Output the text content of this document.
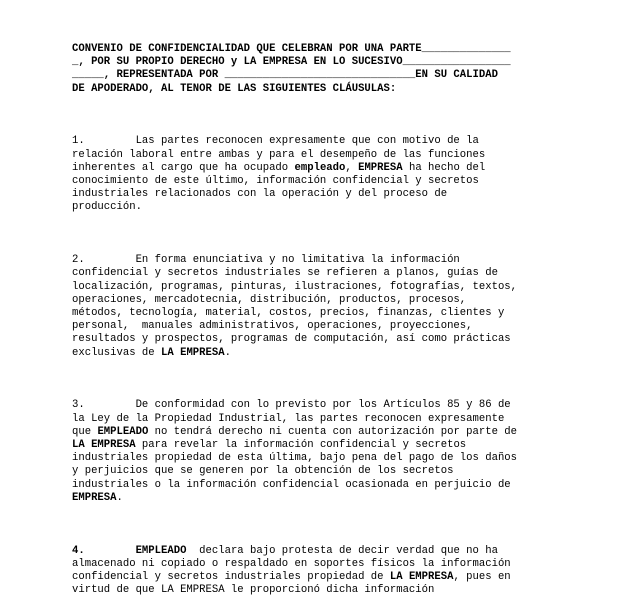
CONVENIO DE CONFIDENCIALIDAD QUE CELEBRAN POR UNA PARTE______________

_, POR SU PROPIO DERECHO y LA EMPRESA EN LO SUCESIVO_________________

_____, REPRESENTADA POR ______________________________EN SU CALIDAD

DE APODERADO, AL TENOR DE LAS SIGUIENTES CLÁUSULAS:

1.        Las partes reconocen expresamente que con motivo de la

relación laboral entre ambas y para el desempeño de las funciones

inherentes al cargo que ha ocupado empleado, EMPRESA ha hecho del

conocimiento de este último, información confidencial y secretos

industriales relacionados con la operación y del proceso de

producción.

2.        En forma enunciativa y no limitativa la información

confidencial y secretos industriales se refieren a planos, guías de

localización, programas, pinturas, ilustraciones, fotografías, textos,

operaciones, mercadotecnia, distribución, productos, procesos,

métodos, tecnología, material, costos, precios, finanzas, clientes y

personal,  manuales administrativos, operaciones, proyecciones,

resultados y prospectos, programas de computación, así como prácticas

exclusivas de LA EMPRESA.

3.        De conformidad con lo previsto por los Artículos 85 y 86 de

la Ley de la Propiedad Industrial, las partes reconocen expresamente

que EMPLEADO no tendrá derecho ni cuenta con autorización por parte de

LA EMPRESA para revelar la información confidencial y secretos

industriales propiedad de esta última, bajo pena del pago de los daños

y perjuicios que se generen por la obtención de los secretos

industriales o la información confidencial ocasionada en perjuicio de

EMPRESA.

4.	EMPLEADO  declara bajo protesta de decir verdad que no ha

almacenado ni copiado o respaldado en soportes físicos la información

confidencial y secretos industriales propiedad de LA EMPRESA, pues en

virtud de que LA EMPRESA le proporcionó dicha información
